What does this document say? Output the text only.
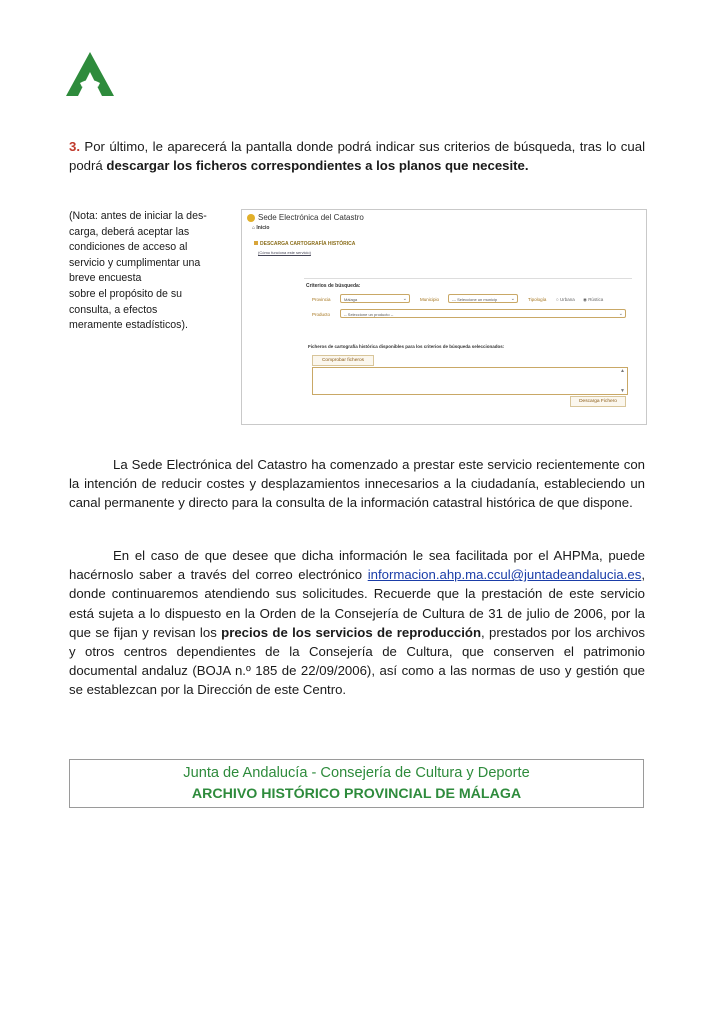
3. Por último, le aparecerá la pantalla donde podrá indicar sus criterios de búsqueda, tras lo cual podrá descargar los ficheros correspondientes a los planos que necesite.
(Nota: antes de iniciar la des-
carga, deberá aceptar las
condiciones de acceso al
servicio y cumplimentar una
breve encuesta
sobre el propósito de su
consulta, a efectos
meramente estadísticos).
Sede Electrónica del Catastro
⌂ Inicio
DESCARGA CARTOGRAFÍA HISTÓRICA
(Cómo funciona este servicio)
Criterios de búsqueda:
Provincia	Málaga	⌄	Municipio	--- Seleccione un municip	⌄	Tipología ○ Urbana ◉ Rústica
Producto	-- Seleccione un producto --	⌄
Ficheros de cartografía histórica disponibles para los criterios de búsqueda seleccionados:
Comprobar ficheros
▲
▼
Descarga Fichero
La Sede Electrónica del Catastro ha comenzado a prestar este servicio recientemente con la intención de reducir costes y desplazamientos innecesarios a la ciudadanía, estableciendo un canal permanente y directo para la consulta de la información catastral histórica de que dispone.
En el caso de que desee que dicha información le sea facilitada por el AHPMa, puede hacérnoslo saber a través del correo electrónico informacion.ahp.ma.ccul@juntadeandalucia.es, donde continuaremos atendiendo sus solicitudes. Recuerde que la prestación de este servicio está sujeta a lo dispuesto en la Orden de la Consejería de Cultura de 31 de julio de 2006, por la que se fijan y revisan los precios de los servicios de reproducción, prestados por los archivos y otros centros dependientes de la Consejería de Cultura, que conserven el patrimonio documental andaluz (BOJA n.º 185 de 22/09/2006), así como a las normas de uso y gestión que se establezcan por la Dirección de este Centro.
Junta de Andalucía - Consejería de Cultura y Deporte
ARCHIVO HISTÓRICO PROVINCIAL DE MÁLAGA
